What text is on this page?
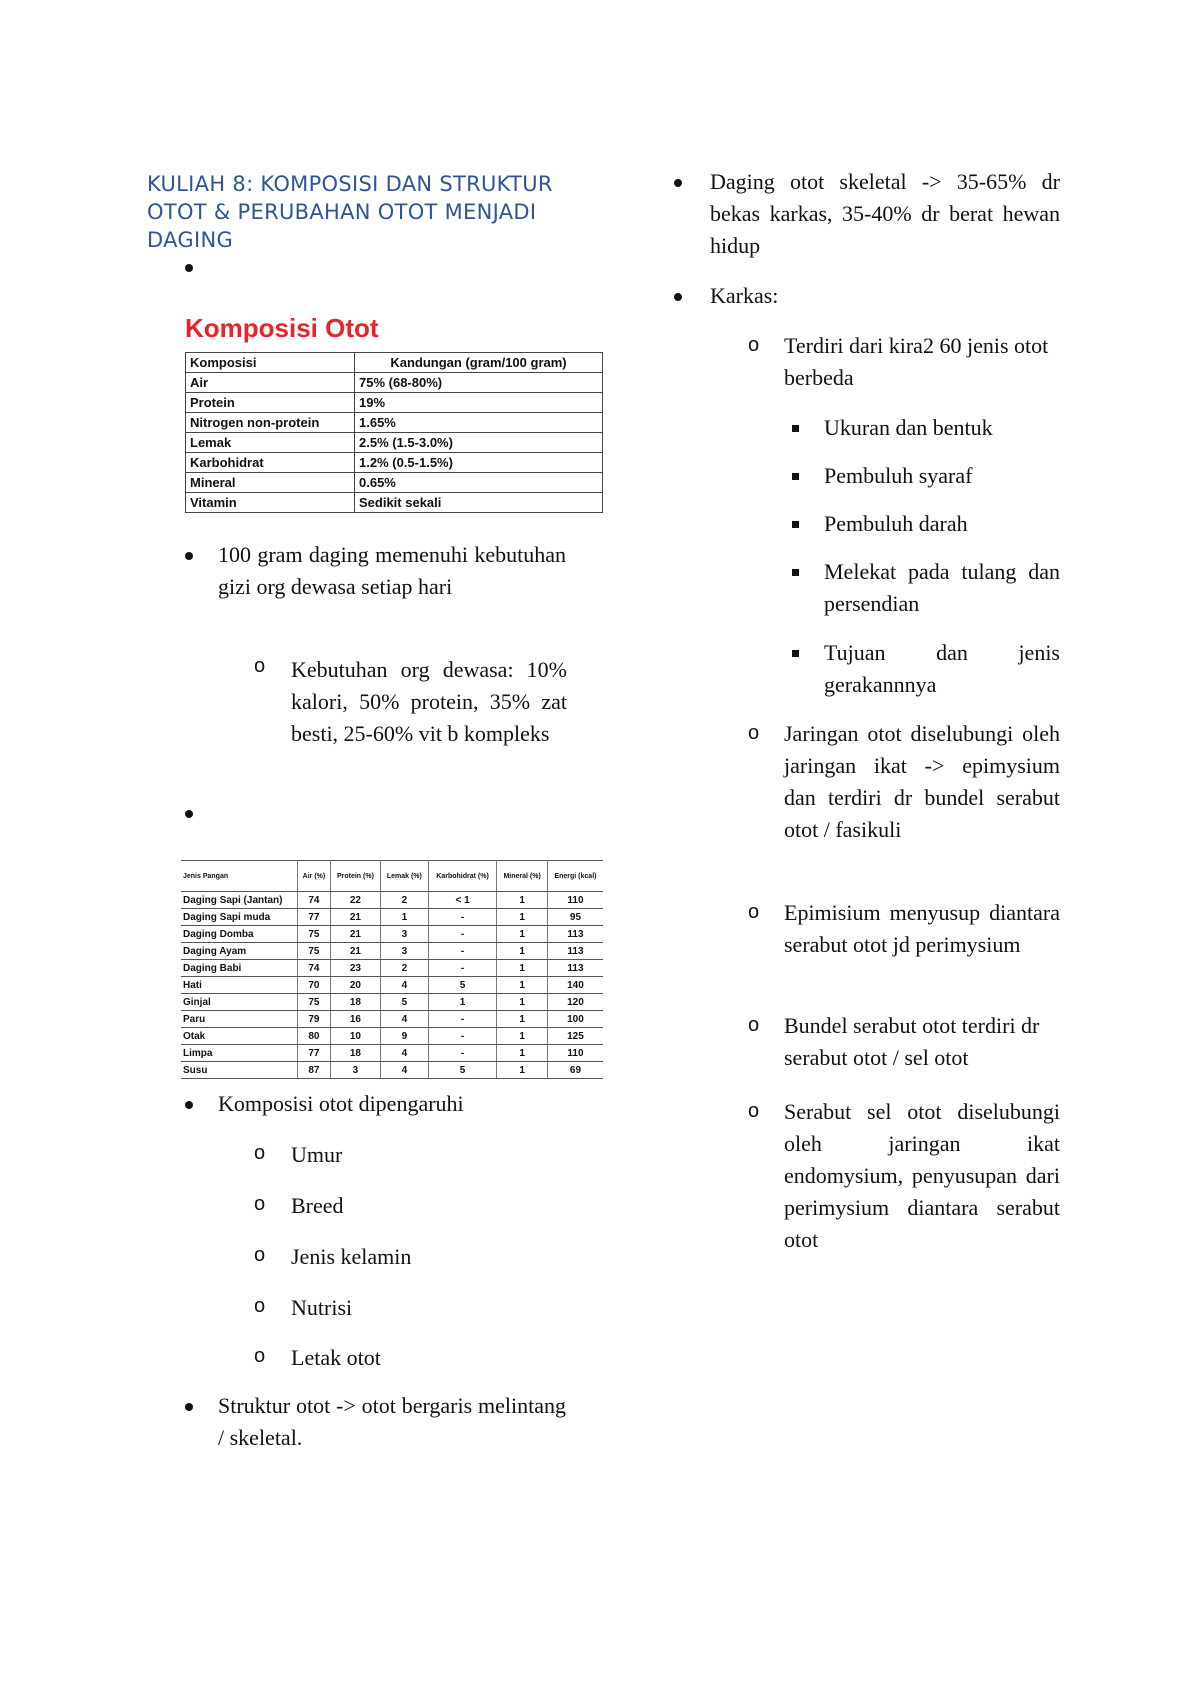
KULIAH 8: KOMPOSISI DAN STRUKTUR OTOT & PERUBAHAN OTOT MENJADI DAGING
Komposisi Otot
Komposisi	Kandungan (gram/100 gram)
Air	75% (68-80%)
Protein	19%
Nitrogen non-protein	1.65%
Lemak	2.5% (1.5-3.0%)
Karbohidrat	1.2% (0.5-1.5%)
Mineral	0.65%
Vitamin	Sedikit sekali
100 gram daging memenuhi kebutuhan gizi org dewasa setiap hari
o Kebutuhan org dewasa: 10% kalori, 50% protein, 35% zat besti, 25-60% vit b kompleks
Jenis Pangan	Air (%)	Protein (%)	Lemak (%)	Karbohidrat (%)	Mineral (%)	Energi (kcal)
Daging Sapi (Jantan)	74	22	2	< 1	1	110
Daging Sapi muda	77	21	1	-	1	95
Daging Domba	75	21	3	-	1	113
Daging Ayam	75	21	3	-	1	113
Daging Babi	74	23	2	-	1	113
Hati	70	20	4	5	1	140
Ginjal	75	18	5	1	1	120
Paru	79	16	4	-	1	100
Otak	80	10	9	-	1	125
Limpa	77	18	4	-	1	110
Susu	87	3	4	5	1	69
Komposisi otot dipengaruhi
o Umur
o Breed
o Jenis kelamin
o Nutrisi
o Letak otot
Struktur otot -> otot bergaris melintang / skeletal.
Daging otot skeletal -> 35-65% dr bekas karkas, 35-40% dr berat hewan hidup
Karkas:
o Terdiri dari kira2 60 jenis otot berbeda
Ukuran dan bentuk
Pembuluh syaraf
Pembuluh darah
Melekat pada tulang dan persendian
Tujuan dan jenis gerakannnya
o Jaringan otot diselubungi oleh jaringan ikat -> epimysium dan terdiri dr bundel serabut otot / fasikuli
o Epimisium menyusup diantara serabut otot jd perimysium
o Bundel serabut otot terdiri dr serabut otot / sel otot
o Serabut sel otot diselubungi oleh jaringan ikat endomysium, penyusupan dari perimysium diantara serabut otot
